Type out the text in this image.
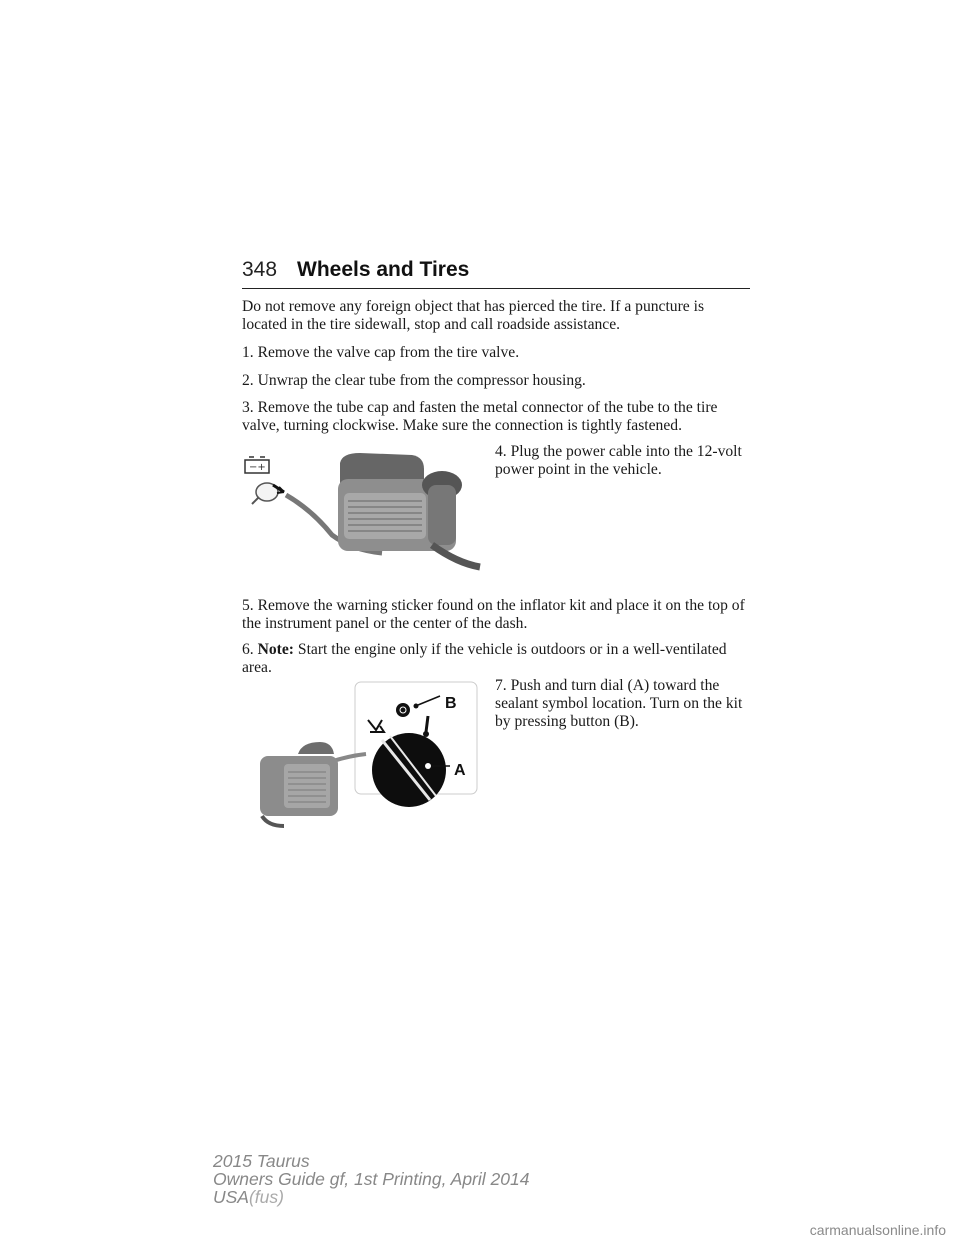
348 Wheels and Tires

Do not remove any foreign object that has pierced the tire. If a puncture is located in the tire sidewall, stop and call roadside assistance.

1. Remove the valve cap from the tire valve.

2. Unwrap the clear tube from the compressor housing.

3. Remove the tube cap and fasten the metal connector of the tube to the tire valve, turning clockwise. Make sure the connection is tightly fastened.

4. Plug the power cable into the 12-volt power point in the vehicle.

−+

5. Remove the warning sticker found on the inflator kit and place it on the top of the instrument panel or the center of the dash.

6. Note: Start the engine only if the vehicle is outdoors or in a well-ventilated area.

7. Push and turn dial (A) toward the sealant symbol location. Turn on the kit by pressing button (B).

B
A
2015 Taurus
Owners Guide gf, 1st Printing, April 2014
USA(fus)
carmanualsonline.info
